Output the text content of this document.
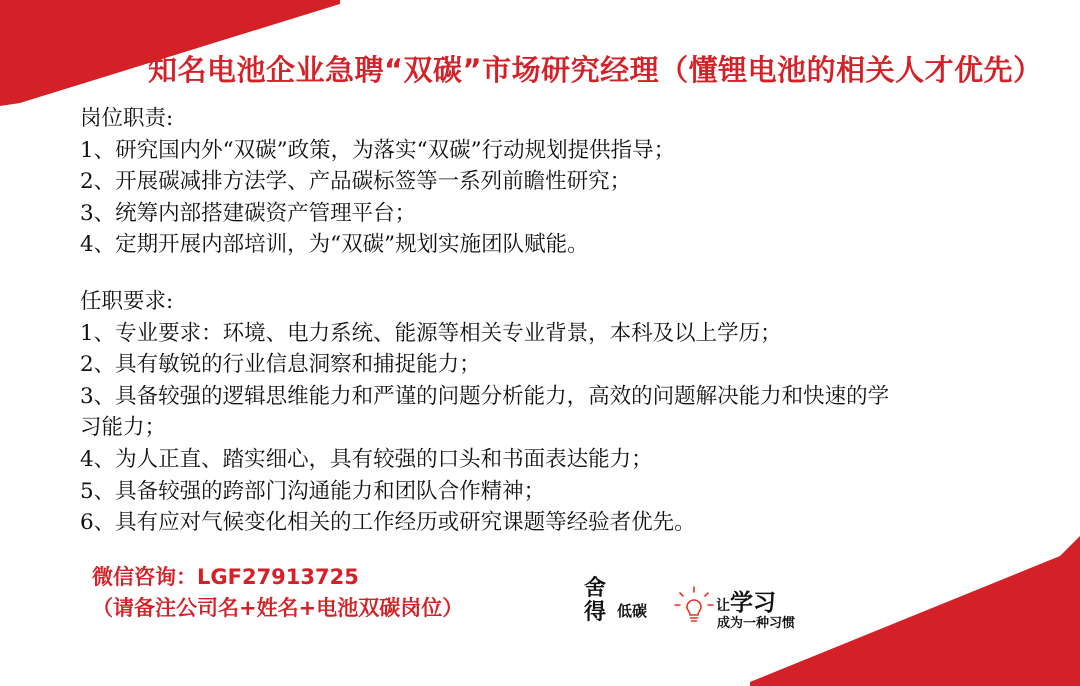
知名电池企业急聘“双碳”市场研究经理（懂锂电池的相关人才优先）
岗位职责:
1、研究国内外“双碳”政策，为落实“双碳”行动规划提供指导；
2、开展碳减排方法学、产品碳标签等一系列前瞻性研究；
3、统筹内部搭建碳资产管理平台；
4、定期开展内部培训，为“双碳”规划实施团队赋能。
任职要求:
1、专业要求：环境、电力系统、能源等相关专业背景，本科及以上学历；
2、具有敏锐的行业信息洞察和捕捉能力；
3、具备较强的逻辑思维能力和严谨的问题分析能力，高效的问题解决能力和快速的学
习能力；
4、为人正直、踏实细心，具有较强的口头和书面表达能力；
5、具备较强的跨部门沟通能力和团队合作精神；
6、具有应对气候变化相关的工作经历或研究课题等经验者优先。
微信咨询：LGF27913725
（请备注公司名+姓名+电池双碳岗位）
舍
得 低碳	让学习
成为一种习惯
